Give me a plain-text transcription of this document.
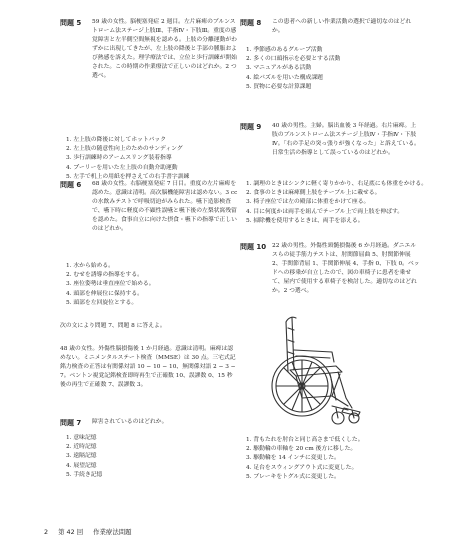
問題 5	59 歳の女性。脳梗塞発症 2 週目。左片麻痺のブルンストローム法ステージ上肢Ⅲ、手指Ⅳ・下肢Ⅲ。重度の感覚障害と左半側空間無視を認める。上肢の分離運動がわずかに出現してきたが、左上肢の降後と手部の腫脹および熱感を訴えた。理学療法では、立位と歩行訓練が開始された。この時期の作業療法で正しいのはどれか。2 つ選べ。
1. 左上肢の降後に対してホットパック
2. 左上肢の随意性向上のためのサンディング
3. 歩行訓練時のアームスリング装着指導
4. プーリーを用いた左上肢の自動介助運動
5. 左手で机上の用紙を押さえての右手書字訓練
問題 6	68 歳の女性。右脳梗塞発症 7 日目。重度の左片麻痺を認めた。意識は清明。高次脳機能障害は認めない。3 cc の水飲みテストで呼吸切迫がみられた。嚥下造影検査で、嚥下時に軽度の不顕性誤嚥と嚥下後の左梨状窩残留を認めた。食事自立に向けた摂食・嚥下の指導で正しいのはどれか。
1. 水から始める。
2. むせを誘導の指導をする。
3. 座位姿勢は垂直座位で始める。
4. 頭部を伸展位に保持する。
5. 頭部を左回旋位とする。
次の文により問題 7、問題 8 に答えよ。
48 歳の女性。外傷性脳損傷後 1 か月経過。意識は清明。麻痺は認めない。ミニメンタルステート検査（MMSE）は 30 点。三宅式記銘力検査の正答は有関係対語 10 − 10 − 10、無関係対語 2 − 3 − 7。ベントン視覚記銘検査即時再生で正確数 10、誤謬数 0、15 秒後の再生で正確数 7、誤謬数 3。
問題 7	障害されているのはどれか。
1. 意味記憶
2. 近時記憶
3. 遠隔記憶
4. 展望記憶
5. 手続き記憶
問題 8	この患者への新しい作業活動の選択で適切なのはどれか。
1. 季節感のあるグループ活動
2. 多くの口頭指示を必要とする活動
3. マニュアルがある活動
4. 絵パズルを用いた構成課題
5. 買物に必要な計算課題
問題 9	40 歳の男性。主婦。脳出血後 3 年経過。右片麻痺。上肢のブルンストローム法ステージ上肢Ⅳ・手指Ⅳ・下肢Ⅳ。「右の手足の突っ張りが強くなった」と訴えている。日常生活の指導として誤っているのはどれか。
1. 調理のときはシンクに軽く寄りかかり、右足底にも体重をかける。
2. 食事のときは麻痺側上肢をテーブル上に載せる。
3. 椅子座位では左の殿部に体重をかけて座る。
4. 目に何度かは両手を組んでテーブル上で両上肢を伸ばす。
5. 掃除機を使用するときは、両手を添える。
問題 10	22 歳の男性。外傷性頸髄損傷後 6 か月経過。ダニエルスらの徒手筋力テストは、肘関節屈曲 5、肘関節伸展 2、手関節背屈 1、手関節伸展 4、手指 0、下肢 0。ベッドへの移乗が自立したので、図の車椅子に患者を乗せて、屋内で使用する車椅子を検討した。適切なのはどれか。2 つ選べ。
1. 背もたれを肘台と同じ高さまで低くした。
2. 駆動輪の車軸を 20 cm 後方に移した。
3. 駆動輪を 14 インチに変更した。
4. 足台をスウィングアウト式に変更した。
5. ブレーキをトグル式に変更した。
2 第 42 回 作業療法問題
